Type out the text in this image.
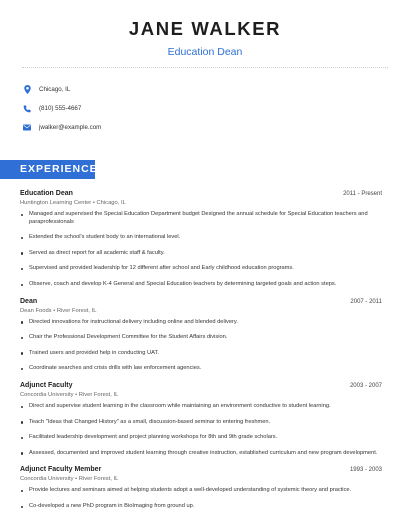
JANE WALKER
Education Dean
Chicago, IL
(810) 555-4667
jwalker@example.com
EXPERIENCE
Education Dean	2011 - Present
Huntington Learning Center • Chicago, IL
Managed and supervised the Special Education Department budget Designed the annual schedule for Special Education teachers and paraprofessionals
Extended the school's student body to an international level.
Served as direct report for all academic staff & faculty.
Supervised and provided leadership for 12 different after school and Early childhood education programs.
Observe, coach and develop K-4 General and Special Education teachers by determining targeted goals and action steps.
Dean	2007 - 2011
Dean Foods • River Forest, IL
Directed innovations for instructional delivery including online and blended delivery.
Chair the Professional Development Committee for the Student Affairs division.
Trained users and provided help in conducting UAT.
Coordinate searches and crisis drills with law enforcement agencies.
Adjunct Faculty	2003 - 2007
Concordia University • River Forest, IL
Direct and supervise student learning in the classroom while maintaining an environment conductive to student learning.
Teach "Ideas that Changed History" as a small, discussion-based seminar to entering freshmen.
Facilitated leadership development and project planning workshops for 8th and 9th grade scholars.
Assessed, documented and improved student learning through creative instruction, established curriculum and new program development.
Adjunct Faculty Member	1993 - 2003
Concordia University • River Forest, IL
Provide lectures and seminars aimed at helping students adopt a well-developed understanding of systemic theory and practice.
Co-developed a new PhD program in BioImaging from ground up.
